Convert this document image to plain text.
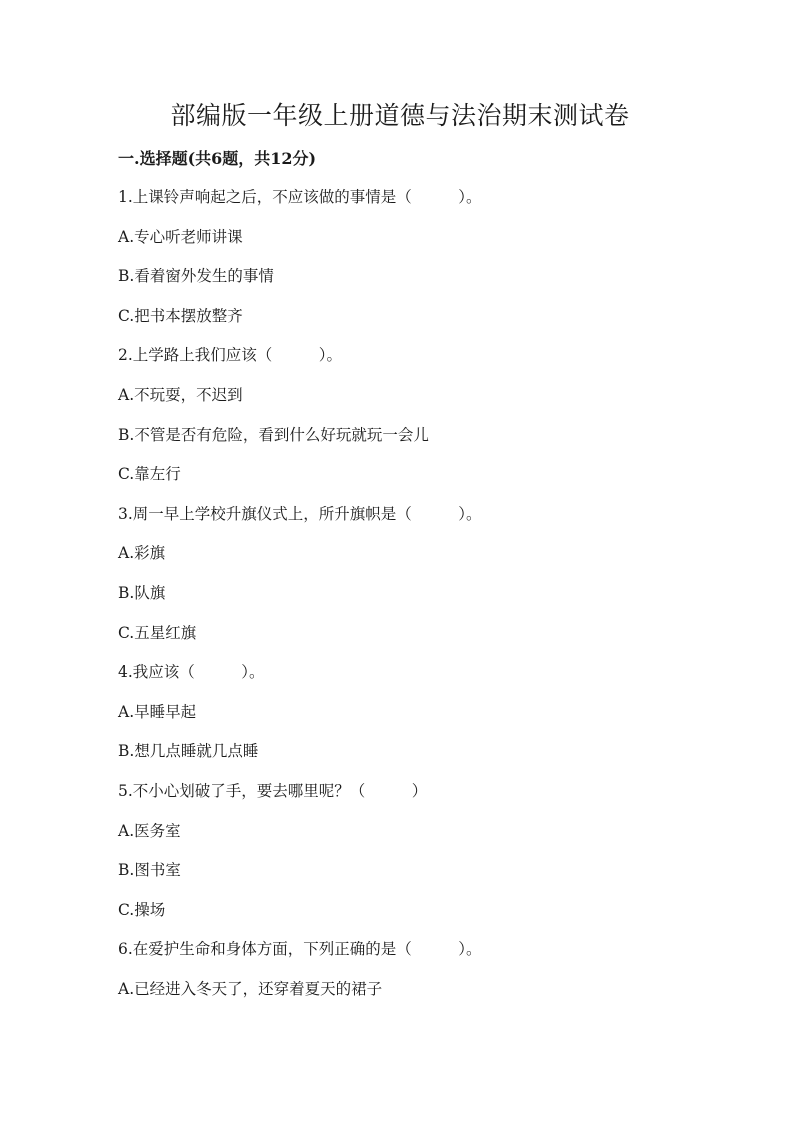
部编版一年级上册道德与法治期末测试卷
一.选择题(共6题，共12分)
1.上课铃声响起之后，不应该做的事情是（　　　）。
A.专心听老师讲课
B.看着窗外发生的事情
C.把书本摆放整齐
2.上学路上我们应该（　　　）。
A.不玩耍，不迟到
B.不管是否有危险，看到什么好玩就玩一会儿
C.靠左行
3.周一早上学校升旗仪式上，所升旗帜是（　　　）。
A.彩旗
B.队旗
C.五星红旗
4.我应该（　　　）。
A.早睡早起
B.想几点睡就几点睡
5.不小心划破了手，要去哪里呢？（　　　）
A.医务室
B.图书室
C.操场
6.在爱护生命和身体方面，下列正确的是（　　　）。
A.已经进入冬天了，还穿着夏天的裙子
